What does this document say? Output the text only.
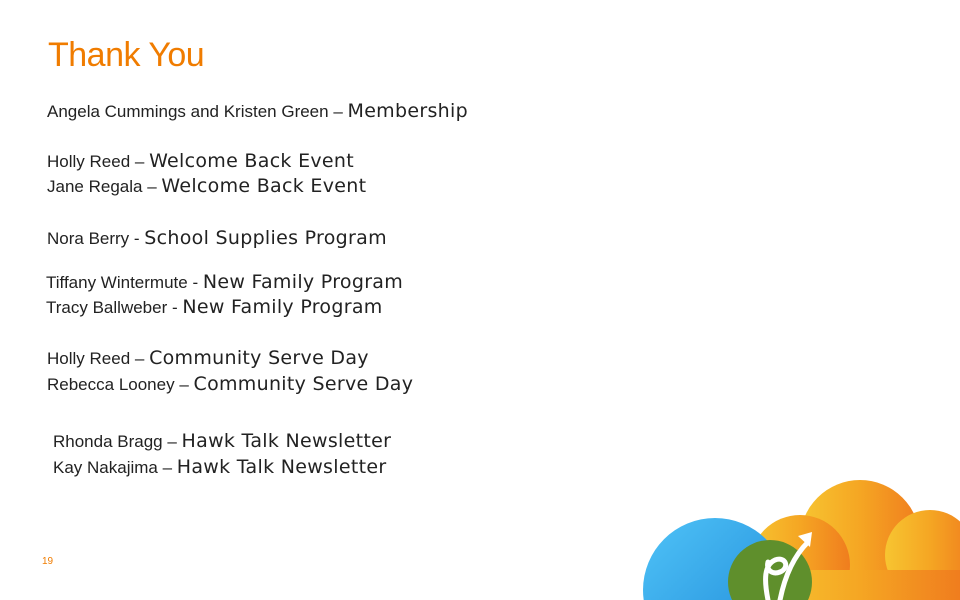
Thank You
Angela Cummings and Kristen Green – Membership
Holly Reed – Welcome Back Event
Jane Regala – Welcome Back Event
Nora Berry - School Supplies Program
Tiffany Wintermute - New Family Program
Tracy Ballweber - New Family Program
Holly Reed – Community Serve Day
Rebecca Looney – Community Serve Day
Rhonda Bragg – Hawk Talk Newsletter
Kay Nakajima – Hawk Talk Newsletter
19
